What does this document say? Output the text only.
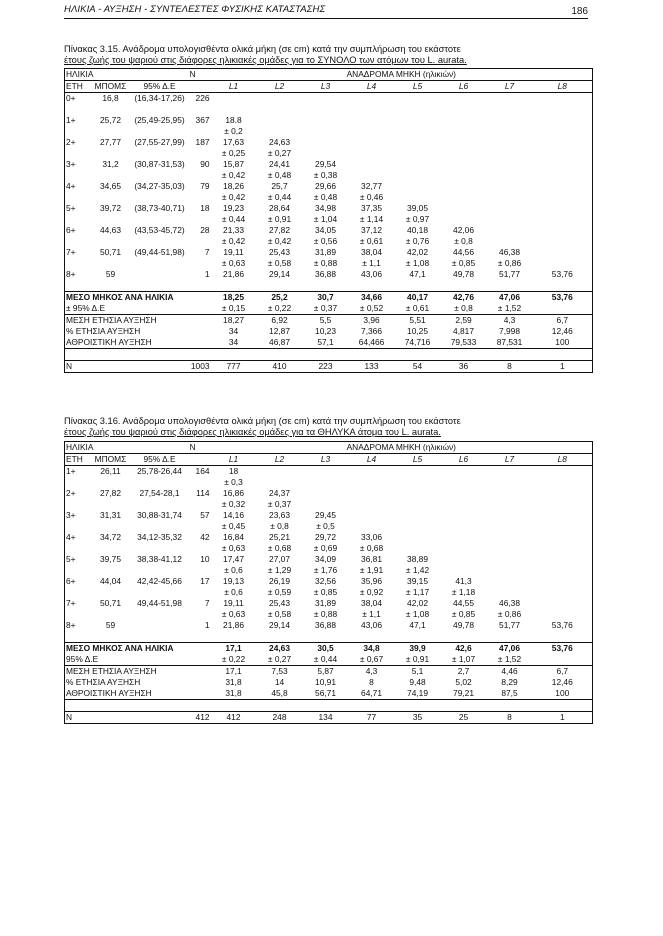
ΗΛΙΚΙΑ - ΑΥΞΗΣΗ - ΣΥΝΤΕΛΕΣΤΕΣ ΦΥΣΙΚΗΣ ΚΑΤΑΣΤΑΣΗΣ	186
Πίνακας 3.15. Ανάδρομα υπολογισθέντα ολικά μήκη (σε cm) κατά την συμπλήρωση του εκάστοτε
έτους ζωής του ψαριού στις διάφορες ηλικιακές ομάδες για το ΣΥΝΟΛΟ των ατόμων του L. aurata.
ΗΛΙΚΙΑ			N	ΑΝΑΔΡΟΜΑ ΜΗΚΗ (ηλικιών)							
ΕΤΗ	ΜΠΟΜΣ	95% Δ.Ε		L1	L2	L3	L4	L5	L6	L7	L8
0+	16,8	(16,34-17,26)	226								

1+	25,72	(25,49-25,95)	367	18.8							
				± 0,2							
2+	27,77	(27,55-27,99)	187	17,63	24,63						
				± 0,25	± 0,27						
3+	31,2	(30,87-31,53)	90	15,87	24,41	29,54					
				± 0,42	± 0,48	± 0,38					
4+	34,65	(34,27-35,03)	79	18,26	25,7	29,66	32,77				
				± 0,42	± 0,44	± 0,48	± 0,46				
5+	39,72	(38,73-40,71)	18	19,23	28,64	34,98	37,35	39,05			
				± 0,44	± 0,91	± 1,04	± 1,14	± 0,97			
6+	44,63	(43,53-45,72)	28	21,33	27,82	34,05	37,12	40,18	42,06		
				± 0,42	± 0,42	± 0,56	± 0,61	± 0,76	± 0,8		
7+	50,71	(49,44-51,98)	7	19,11	25,43	31,89	38,04	42,02	44,56	46,38	
				± 0,63	± 0,58	± 0,88	± 1,1	± 1,08	± 0,85	± 0,86	
8+	59		1	21,86	29,14	36,88	43,06	47,1	49,78	51,77	53,76

ΜΕΣΟ ΜΗΚΟΣ ΑΝΑ ΗΛΙΚΙΑ				18,25	25,2	30,7	34,66	40,17	42,76	47,06	53,76
± 95% Δ.Ε				± 0,15	± 0,22	± 0,37	± 0,52	± 0,61	± 0,8	± 1,52	
ΜΕΣΗ ΕΤΗΣΙΑ ΑΥΞΗΣΗ				18,27	6,92	5,5	3,96	5,51	2,59	4,3	6,7
% ΕΤΗΣΙΑ ΑΥΞΗΣΗ				34	12,87	10,23	7,366	10,25	4,817	7,998	12,46
ΑΘΡΟΙΣΤΙΚΗ ΑΥΞΗΣΗ				34	46,87	57,1	64,466	74,716	79,533	87,531	100

N			1003	777	410	223	133	54	36	8	1
Πίνακας 3.16. Ανάδρομα υπολογισθέντα ολικά μήκη (σε cm) κατά την συμπλήρωση του εκάστοτε
έτους ζωής του ψαριού στις διάφορες ηλικιακές ομάδες για τα ΘΗΛΥΚΑ άτομα του L. aurata.
ΗΛΙΚΙΑ			N	ΑΝΑΔΡΟΜΑ ΜΗΚΗ (ηλικιών)							
ΕΤΗ	ΜΠΟΜΣ	95% Δ.Ε		L1	L2	L3	L4	L5	L6	L7	L8
1+	26,11	25,78-26,44	164	18							
				± 0,3							
2+	27,82	27,54-28,1	114	16,86	24,37						
				± 0,32	± 0,37						
3+	31,31	30,88-31,74	57	14,16	23,63	29,45					
				± 0,45	± 0,8	± 0,5					
4+	34,72	34,12-35,32	42	16,84	25,21	29,72	33,06				
				± 0,63	± 0,68	± 0,69	± 0,68				
5+	39,75	38,38-41,12	10	17,47	27,07	34,09	36,81	38,89			
				± 0,6	± 1,29	± 1,76	± 1,91	± 1,42			
6+	44,04	42,42-45,66	17	19,13	26,19	32,56	35,96	39,15	41,3		
				± 0,6	± 0,59	± 0,85	± 0,92	± 1,17	± 1,18		
7+	50,71	49,44-51,98	7	19,11	25,43	31,89	38,04	42,02	44,55	46,38	
				± 0,63	± 0,58	± 0,88	± 1,1	± 1,08	± 0,85	± 0,86	
8+	59		1	21,86	29,14	36,88	43,06	47,1	49,78	51,77	53,76

ΜΕΣΟ ΜΗΚΟΣ ΑΝΑ ΗΛΙΚΙΑ				17,1	24,63	30,5	34,8	39,9	42,6	47,06	53,76
95% Δ.Ε				± 0,22	± 0,27	± 0,44	± 0,67	± 0,91	± 1,07	± 1,52	
ΜΕΣΗ ΕΤΗΣΙΑ ΑΥΞΗΣΗ				17,1	7,53	5,87	4,3	5,1	2,7	4,46	6,7
% ΕΤΗΣΙΑ ΑΥΞΗΣΗ				31,8	14	10,91	8	9,48	5,02	8,29	12,46
ΑΘΡΟΙΣΤΙΚΗ ΑΥΞΗΣΗ				31,8	45,8	56,71	64,71	74,19	79,21	87,5	100

N			412	412	248	134	77	35	25	8	1
